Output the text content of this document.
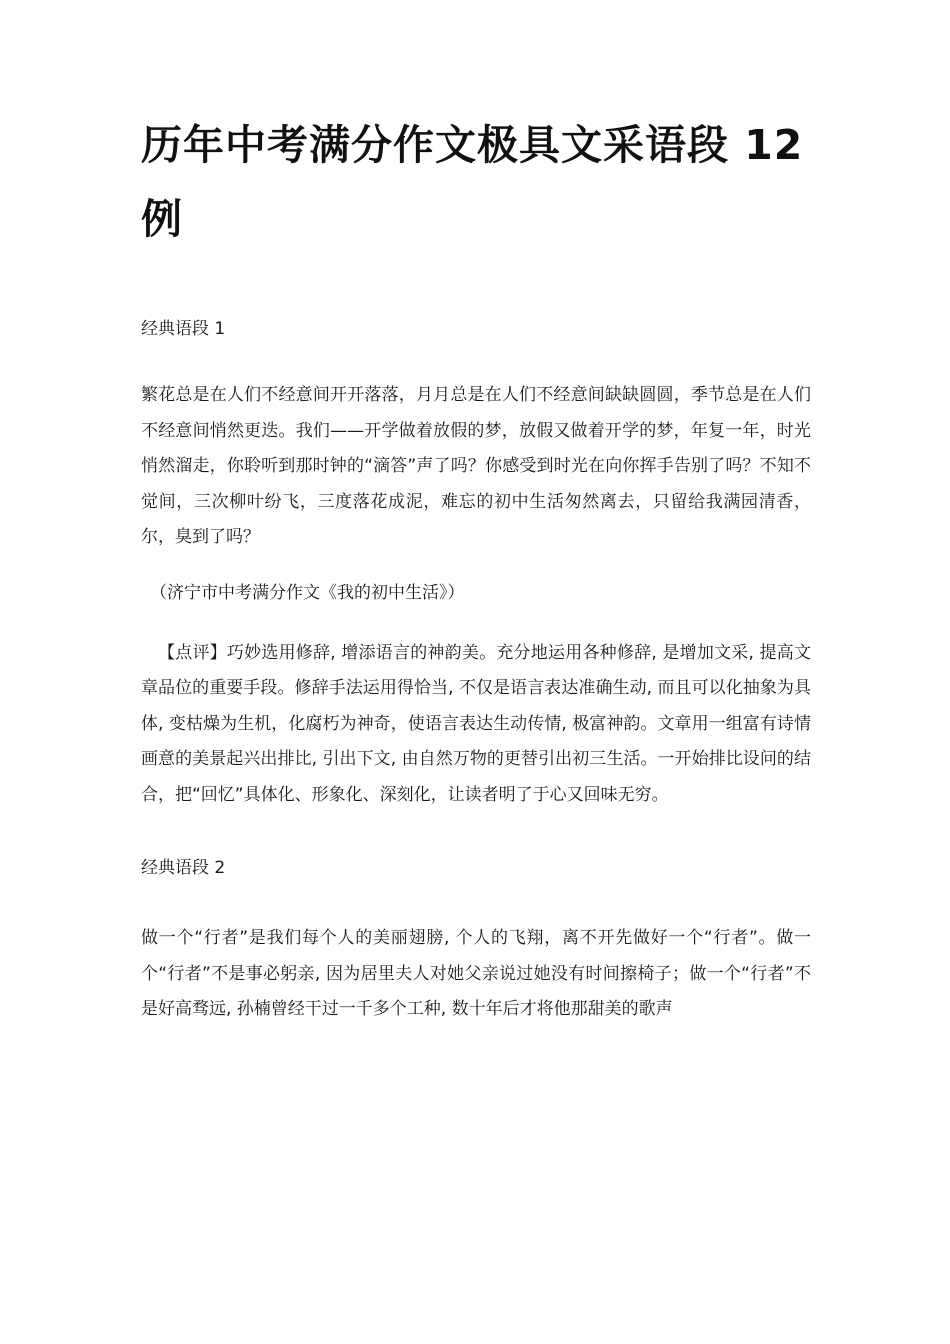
历年中考满分作文极具文采语段 12 例

经典语段 1

繁花总是在人们不经意间开开落落，月月总是在人们不经意间缺缺圆圆，季节总是在人们不经意间悄然更迭。我们——开学做着放假的梦，放假又做着开学的梦，年复一年，时光悄然溜走，你聆听到那时钟的“滴答”声了吗？你感受到时光在向你挥手告别了吗？不知不觉间，三次柳叶纷飞，三度落花成泥，难忘的初中生活匆然离去，只留给我满园清香，尔，臭到了吗？

（济宁市中考满分作文《我的初中生活》）

【点评】巧妙选用修辞, 增添语言的神韵美。充分地运用各种修辞, 是增加文采, 提高文章品位的重要手段。修辞手法运用得恰当, 不仅是语言表达准确生动, 而且可以化抽象为具体, 变枯燥为生机，化腐朽为神奇，使语言表达生动传情, 极富神韵。文章用一组富有诗情画意的美景起兴出排比, 引出下文, 由自然万物的更替引出初三生活。一开始排比设问的结合，把“回忆”具体化、形象化、深刻化，让读者明了于心又回味无穷。

经典语段 2

做一个“行者”是我们每个人的美丽翅膀, 个人的飞翔，离不开先做好一个“行者”。做一个“行者”不是事必躬亲, 因为居里夫人对她父亲说过她没有时间擦椅子；做一个“行者”不是好高骛远, 孙楠曾经干过一千多个工种, 数十年后才将他那甜美的歌声
